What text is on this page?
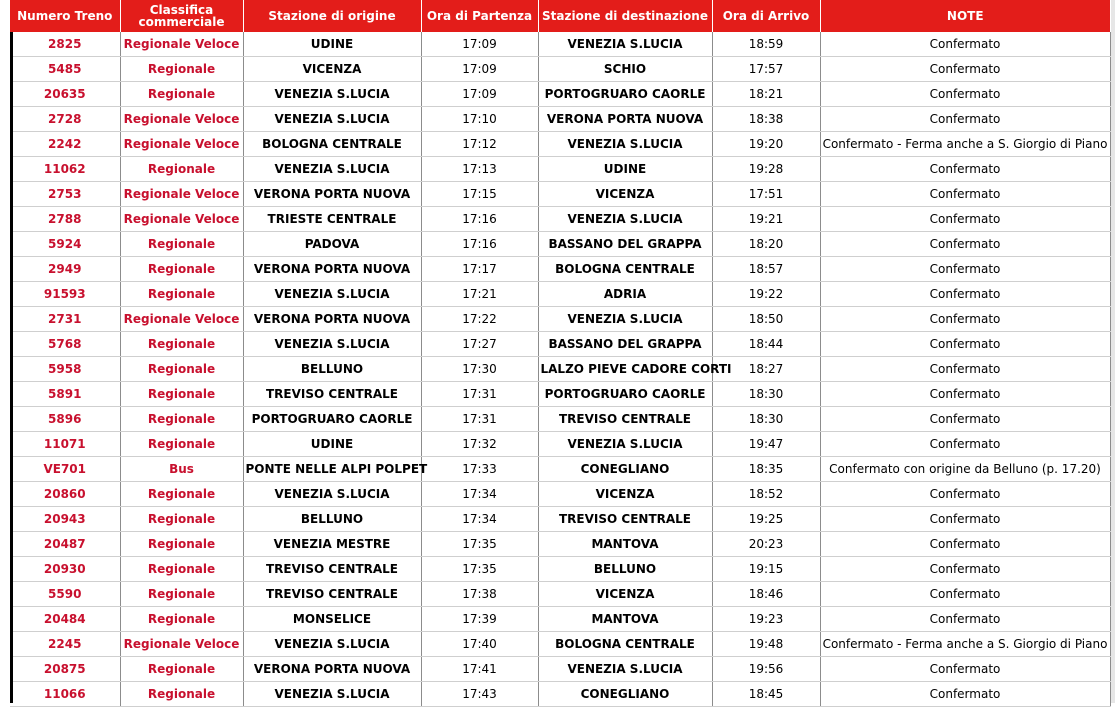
Numero Treno	Classifica commerciale	Stazione di origine	Ora di Partenza	Stazione di destinazione	Ora di Arrivo	NOTE
2825	Regionale Veloce	UDINE	17:09	VENEZIA S.LUCIA	18:59	Confermato
5485	Regionale	VICENZA	17:09	SCHIO	17:57	Confermato
20635	Regionale	VENEZIA S.LUCIA	17:09	PORTOGRUARO CAORLE	18:21	Confermato
2728	Regionale Veloce	VENEZIA S.LUCIA	17:10	VERONA PORTA NUOVA	18:38	Confermato
2242	Regionale Veloce	BOLOGNA CENTRALE	17:12	VENEZIA S.LUCIA	19:20	Confermato - Ferma anche a S. Giorgio di Piano
11062	Regionale	VENEZIA S.LUCIA	17:13	UDINE	19:28	Confermato
2753	Regionale Veloce	VERONA PORTA NUOVA	17:15	VICENZA	17:51	Confermato
2788	Regionale Veloce	TRIESTE CENTRALE	17:16	VENEZIA S.LUCIA	19:21	Confermato
5924	Regionale	PADOVA	17:16	BASSANO DEL GRAPPA	18:20	Confermato
2949	Regionale	VERONA PORTA NUOVA	17:17	BOLOGNA CENTRALE	18:57	Confermato
91593	Regionale	VENEZIA S.LUCIA	17:21	ADRIA	19:22	Confermato
2731	Regionale Veloce	VERONA PORTA NUOVA	17:22	VENEZIA S.LUCIA	18:50	Confermato
5768	Regionale	VENEZIA S.LUCIA	17:27	BASSANO DEL GRAPPA	18:44	Confermato
5958	Regionale	BELLUNO	17:30	LALZO PIEVE CADORE CORTI	18:27	Confermato
5891	Regionale	TREVISO CENTRALE	17:31	PORTOGRUARO CAORLE	18:30	Confermato
5896	Regionale	PORTOGRUARO CAORLE	17:31	TREVISO CENTRALE	18:30	Confermato
11071	Regionale	UDINE	17:32	VENEZIA S.LUCIA	19:47	Confermato
VE701	Bus	PONTE NELLE ALPI POLPET	17:33	CONEGLIANO	18:35	Confermato con origine da Belluno (p. 17.20)
20860	Regionale	VENEZIA S.LUCIA	17:34	VICENZA	18:52	Confermato
20943	Regionale	BELLUNO	17:34	TREVISO CENTRALE	19:25	Confermato
20487	Regionale	VENEZIA MESTRE	17:35	MANTOVA	20:23	Confermato
20930	Regionale	TREVISO CENTRALE	17:35	BELLUNO	19:15	Confermato
5590	Regionale	TREVISO CENTRALE	17:38	VICENZA	18:46	Confermato
20484	Regionale	MONSELICE	17:39	MANTOVA	19:23	Confermato
2245	Regionale Veloce	VENEZIA S.LUCIA	17:40	BOLOGNA CENTRALE	19:48	Confermato - Ferma anche a S. Giorgio di Piano
20875	Regionale	VERONA PORTA NUOVA	17:41	VENEZIA S.LUCIA	19:56	Confermato
11066	Regionale	VENEZIA S.LUCIA	17:43	CONEGLIANO	18:45	Confermato
